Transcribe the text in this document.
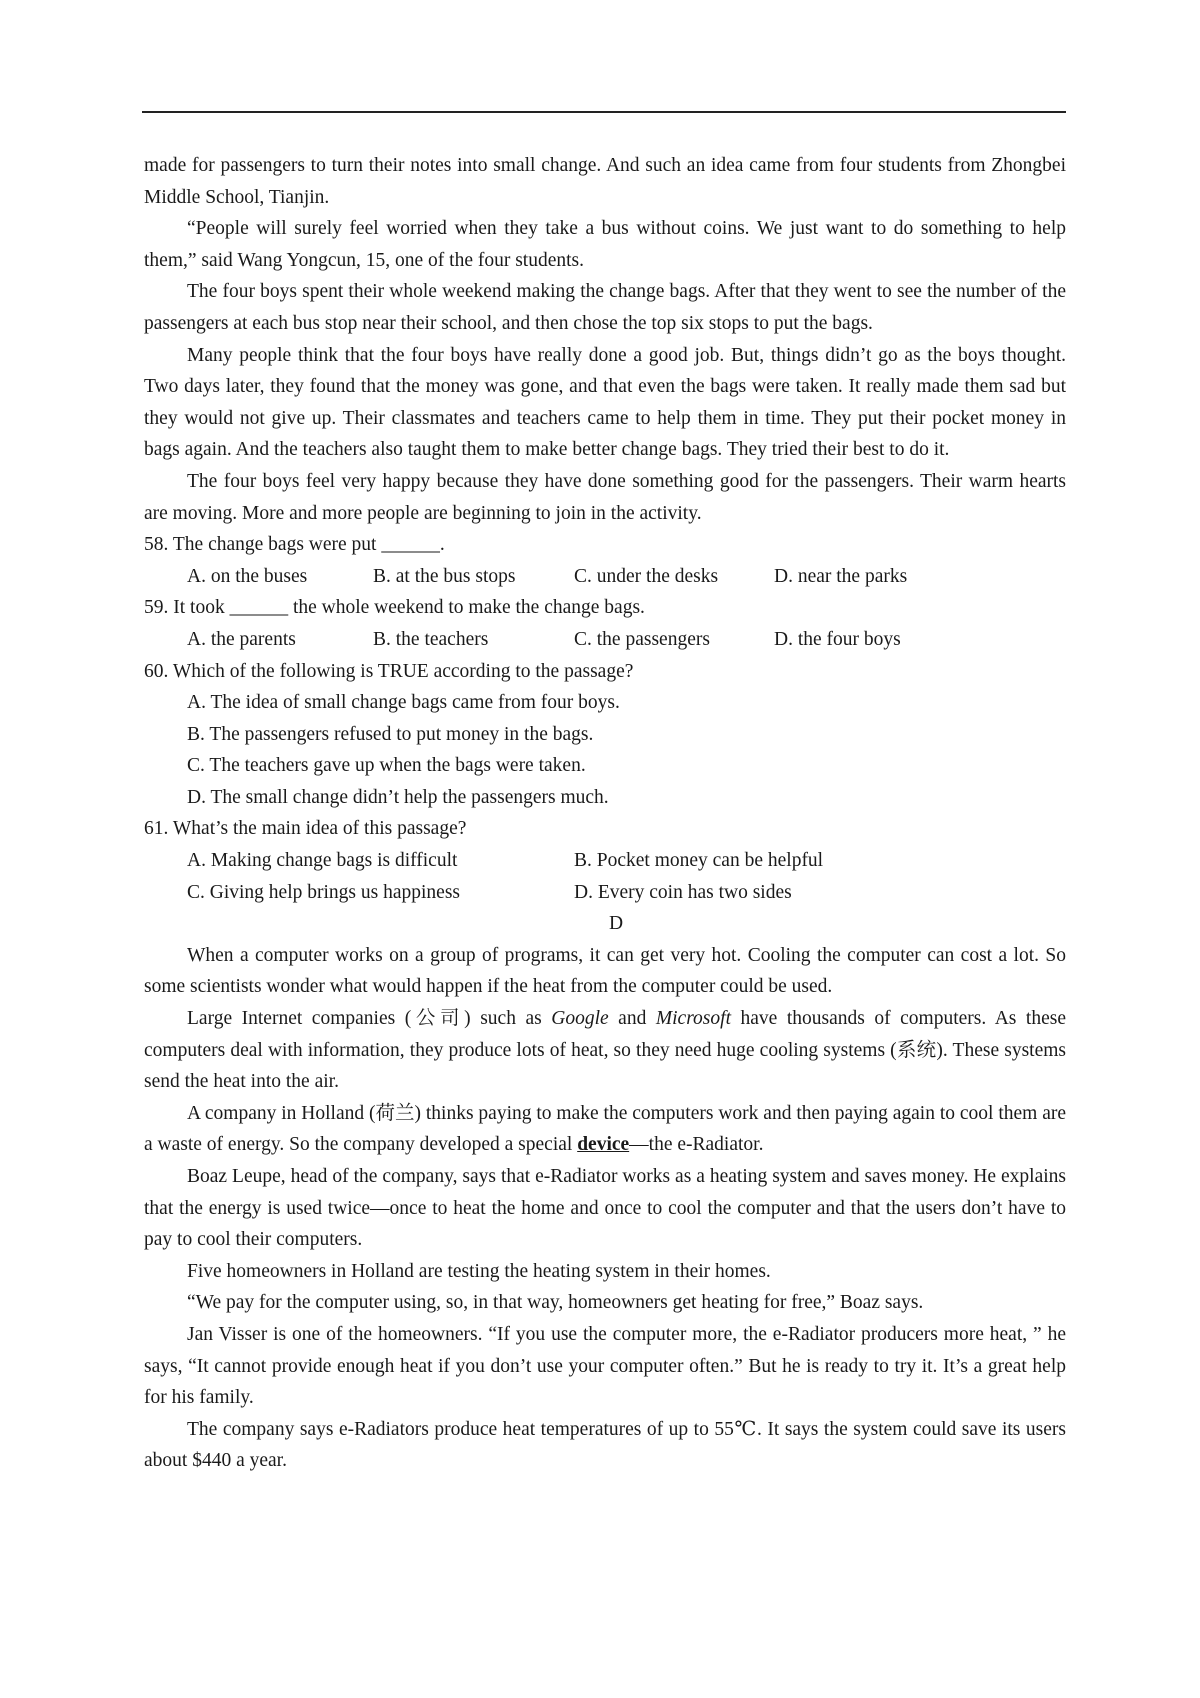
made for passengers to turn their notes into small change. And such an idea came from four students from Zhongbei Middle School, Tianjin.

“People will surely feel worried when they take a bus without coins. We just want to do something to help them,” said Wang Yongcun, 15, one of the four students.

The four boys spent their whole weekend making the change bags. After that they went to see the number of the passengers at each bus stop near their school, and then chose the top six stops to put the bags.

Many people think that the four boys have really done a good job. But, things didn’t go as the boys thought. Two days later, they found that the money was gone, and that even the bags were taken. It really made them sad but they would not give up. Their classmates and teachers came to help them in time. They put their pocket money in bags again. And the teachers also taught them to make better change bags. They tried their best to do it.

The four boys feel very happy because they have done something good for the passengers. Their warm hearts are moving. More and more people are beginning to join in the activity.

58. The change bags were put ______.

A. on the buses	B. at the bus stops	C. under the desks	D. near the parks

59. It took ______ the whole weekend to make the change bags.

A. the parents	B. the teachers	C. the passengers	D. the four boys

60. Which of the following is TRUE according to the passage?

A. The idea of small change bags came from four boys.
B. The passengers refused to put money in the bags.
C. The teachers gave up when the bags were taken.
D. The small change didn’t help the passengers much.

61. What’s the main idea of this passage?

A. Making change bags is difficult	B. Pocket money can be helpful
C. Giving help brings us happiness	D. Every coin has two sides
D

When a computer works on a group of programs, it can get very hot. Cooling the computer can cost a lot. So some scientists wonder what would happen if the heat from the computer could be used.

Large Internet companies (公司) such as Google and Microsoft have thousands of computers. As these computers deal with information, they produce lots of heat, so they need huge cooling systems (系统). These systems send the heat into the air.

A company in Holland (荷兰) thinks paying to make the computers work and then paying again to cool them are a waste of energy. So the company developed a special device—the e-Radiator.

Boaz Leupe, head of the company, says that e-Radiator works as a heating system and saves money. He explains that the energy is used twice—once to heat the home and once to cool the computer and that the users don’t have to pay to cool their computers.

Five homeowners in Holland are testing the heating system in their homes.

“We pay for the computer using, so, in that way, homeowners get heating for free,” Boaz says.

Jan Visser is one of the homeowners. “If you use the computer more, the e-Radiator producers more heat, ” he says, “It cannot provide enough heat if you don’t use your computer often.” But he is ready to try it. It’s a great help for his family.

The company says e-Radiators produce heat temperatures of up to 55℃. It says the system could save its users about $440 a year.
